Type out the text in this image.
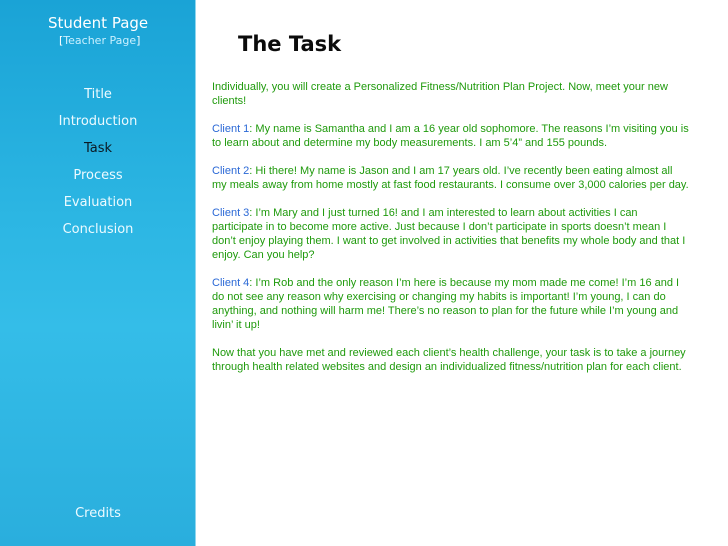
Student Page
[Teacher Page]
Title
Introduction
Task
Process
Evaluation
Conclusion
Credits
The Task

Individually, you will create a Personalized Fitness/Nutrition Plan Project. Now, meet your new clients!

Client 1: My name is Samantha and I am a 16 year old sophomore. The reasons I’m visiting you is to learn about and determine my body measurements. I am 5’4” and 155 pounds.

Client 2: Hi there! My name is Jason and I am 17 years old. I’ve recently been eating almost all my meals away from home mostly at fast food restaurants. I consume over 3,000 calories per day.

Client 3: I’m Mary and I just turned 16! and I am interested to learn about activities I can participate in to become more active. Just because I don’t participate in sports doesn’t mean I don’t enjoy playing them. I want to get involved in activities that benefits my whole body and that I enjoy. Can you help?

Client 4: I’m Rob and the only reason I’m here is because my mom made me come! I’m 16 and I do not see any reason why exercising or changing my habits is important! I’m young, I can do anything, and nothing will harm me! There’s no reason to plan for the future while I’m young and livin’ it up!

Now that you have met and reviewed each client’s health challenge, your task is to take a journey through health related websites and design an individualized fitness/nutrition plan for each client.
